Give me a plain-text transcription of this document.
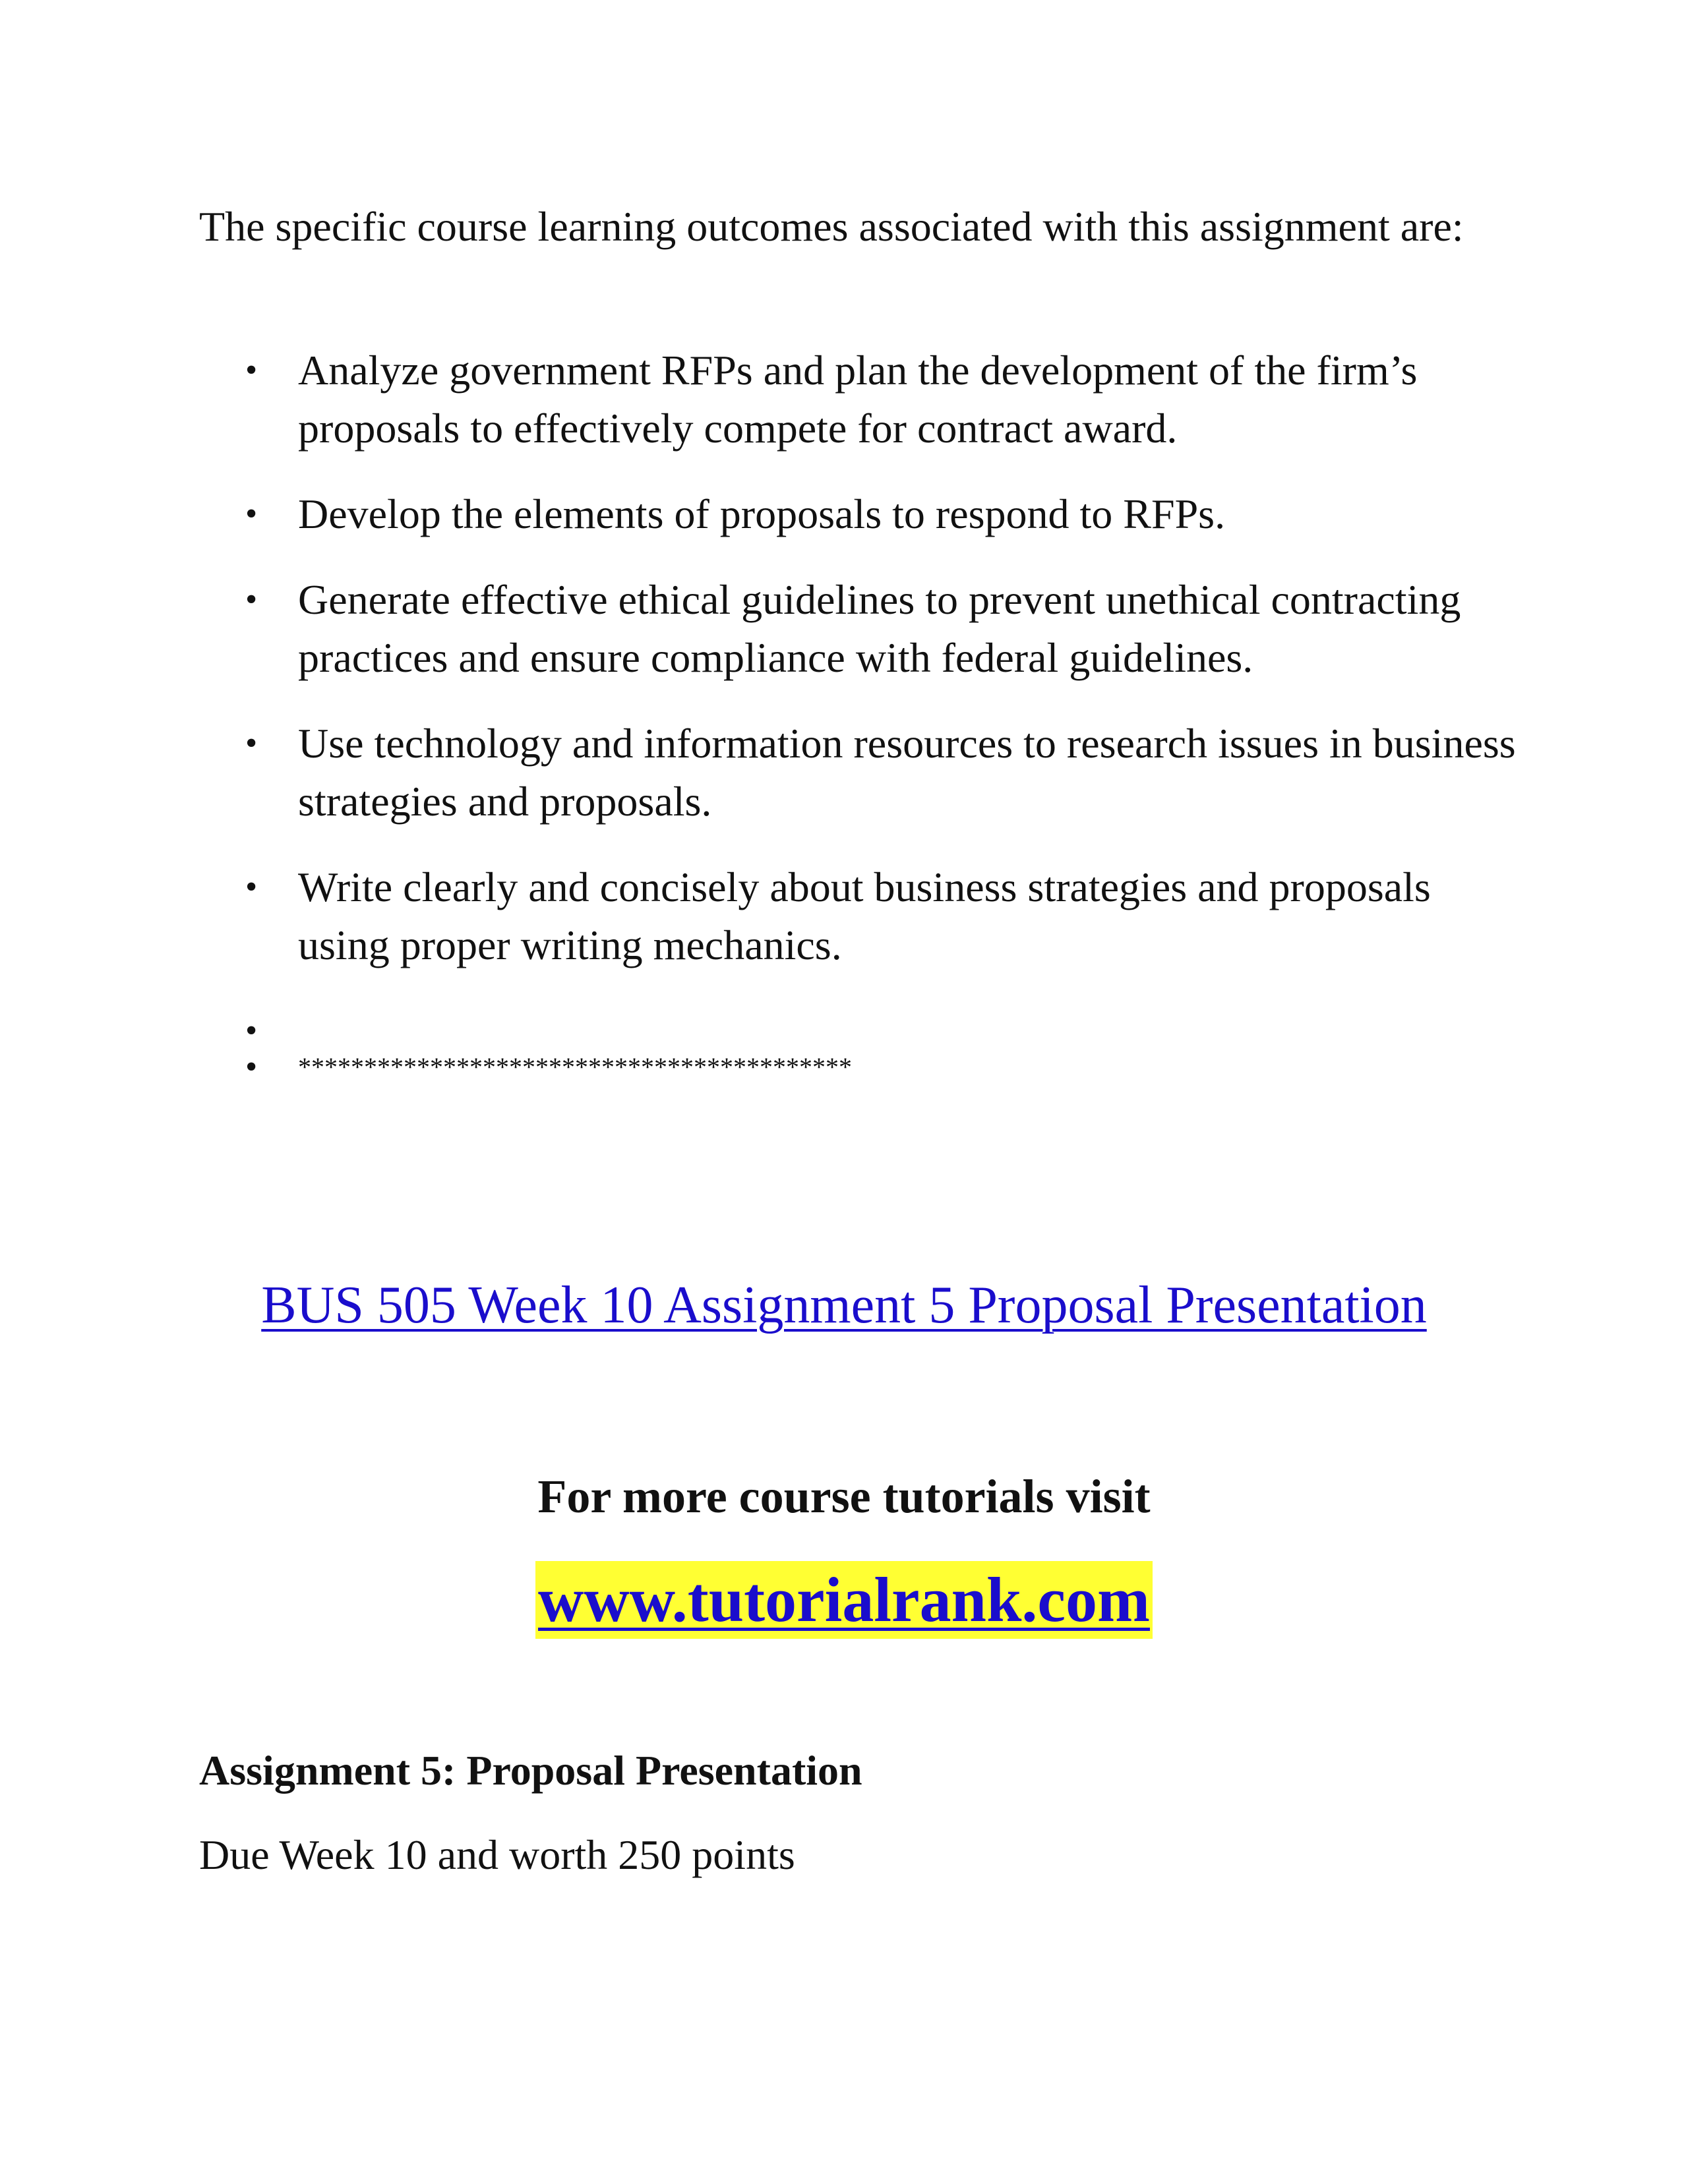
The specific course learning outcomes associated with this assignment are:

• Analyze government RFPs and plan the development of the firm’s proposals to effectively compete for contract award.
• Develop the elements of proposals to respond to RFPs.
• Generate effective ethical guidelines to prevent unethical contracting practices and ensure compliance with federal guidelines.
• Use technology and information resources to research issues in business strategies and proposals.
• Write clearly and concisely about business strategies and proposals using proper writing mechanics.
•
• ******************************************
BUS 505 Week 10 Assignment 5 Proposal Presentation
For more course tutorials visit
www.tutorialrank.com

Assignment 5: Proposal Presentation

Due Week 10 and worth 250 points
